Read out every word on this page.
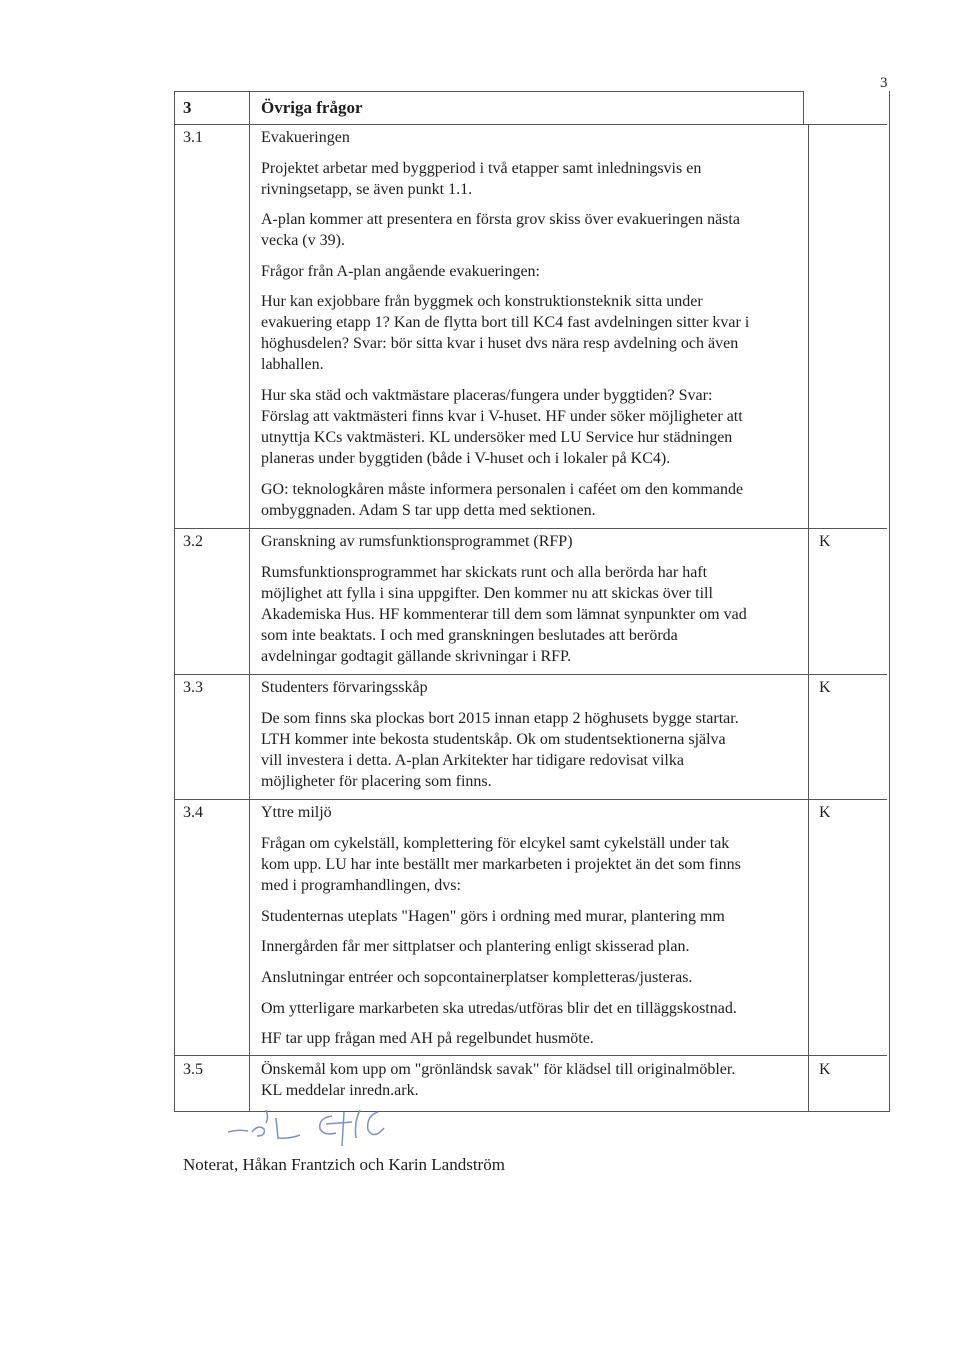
3
3	Övriga frågor
3.1	Evakueringen
Projektet arbetar med byggperiod i två etapper samt inledningsvis en
rivningsetapp, se även punkt 1.1.
A-plan kommer att presentera en första grov skiss över evakueringen nästa
vecka (v 39).
Frågor från A-plan angående evakueringen:
Hur kan exjobbare från byggmek och konstruktionsteknik sitta under
evakuering etapp 1? Kan de flytta bort till KC4 fast avdelningen sitter kvar i
höghusdelen? Svar: bör sitta kvar i huset dvs nära resp avdelning och även
labhallen.
Hur ska städ och vaktmästare placeras/fungera under byggtiden? Svar:
Förslag att vaktmästeri finns kvar i V-huset. HF under söker möjligheter att
utnyttja KCs vaktmästeri. KL undersöker med LU Service hur städningen
planeras under byggtiden (både i V-huset och i lokaler på KC4).
GO: teknologkåren måste informera personalen i caféet om den kommande
ombyggnaden. Adam S tar upp detta med sektionen.
3.2	Granskning av rumsfunktionsprogrammet (RFP)	K
Rumsfunktionsprogrammet har skickats runt och alla berörda har haft
möjlighet att fylla i sina uppgifter. Den kommer nu att skickas över till
Akademiska Hus. HF kommenterar till dem som lämnat synpunkter om vad
som inte beaktats. I och med granskningen beslutades att berörda
avdelningar godtagit gällande skrivningar i RFP.
3.3	Studenters förvaringsskåp	K
De som finns ska plockas bort 2015 innan etapp 2 höghusets bygge startar.
LTH kommer inte bekosta studentskåp. Ok om studentsektionerna själva
vill investera i detta. A-plan Arkitekter har tidigare redovisat vilka
möjligheter för placering som finns.
3.4	Yttre miljö	K
Frågan om cykelställ, komplettering för elcykel samt cykelställ under tak
kom upp. LU har inte beställt mer markarbeten i projektet än det som finns
med i programhandlingen, dvs:
Studenternas uteplats "Hagen" görs i ordning med murar, plantering mm
Innergården får mer sittplatser och plantering enligt skisserad plan.
Anslutningar entréer och sopcontainerplatser kompletteras/justeras.
Om ytterligare markarbeten ska utredas/utföras blir det en tilläggskostnad.
HF tar upp frågan med AH på regelbundet husmöte.
3.5	Önskemål kom upp om "grönländsk savak" för klädsel till originalmöbler.	K
KL meddelar inredn.ark.
Noterat, Håkan Frantzich och Karin Landström
